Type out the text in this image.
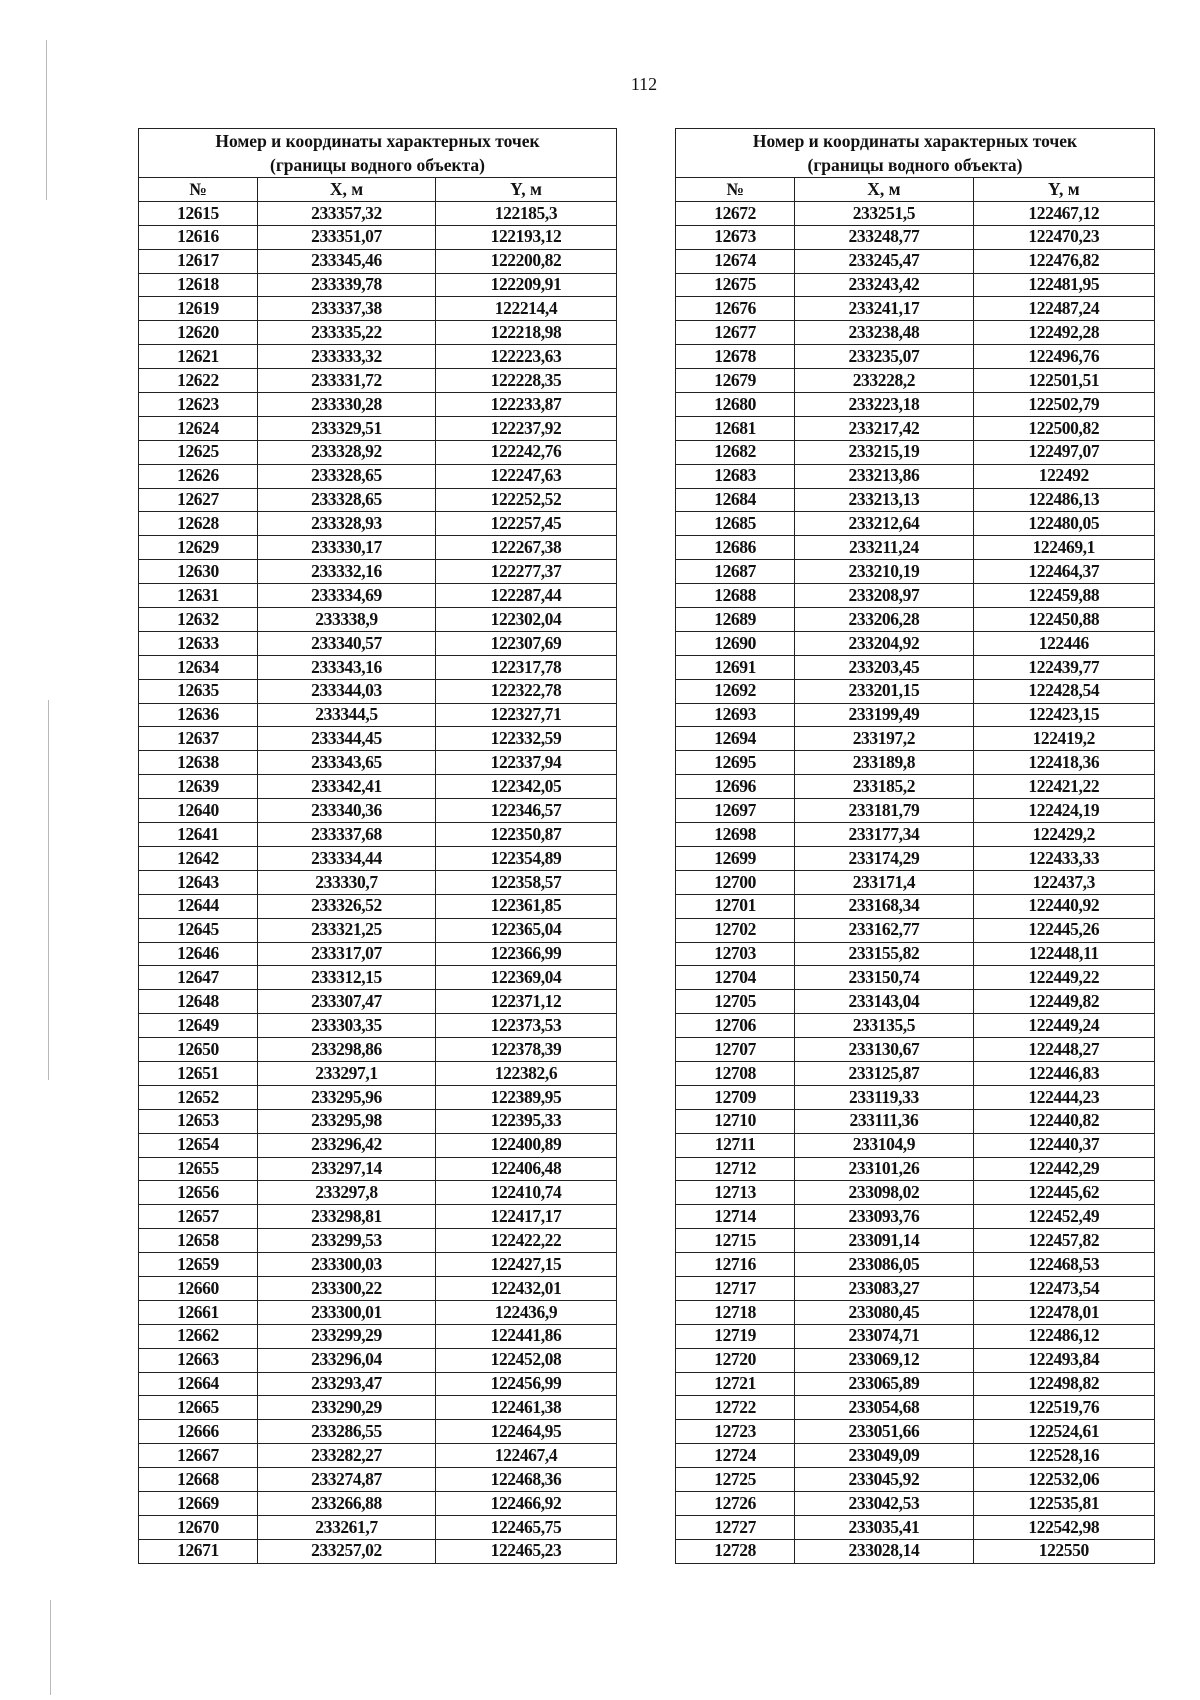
112
Номер и координаты характерных точек
(границы водного объекта)		
№	X, м	Y, м
12615	233357,32	122185,3
12616	233351,07	122193,12
12617	233345,46	122200,82
12618	233339,78	122209,91
12619	233337,38	122214,4
12620	233335,22	122218,98
12621	233333,32	122223,63
12622	233331,72	122228,35
12623	233330,28	122233,87
12624	233329,51	122237,92
12625	233328,92	122242,76
12626	233328,65	122247,63
12627	233328,65	122252,52
12628	233328,93	122257,45
12629	233330,17	122267,38
12630	233332,16	122277,37
12631	233334,69	122287,44
12632	233338,9	122302,04
12633	233340,57	122307,69
12634	233343,16	122317,78
12635	233344,03	122322,78
12636	233344,5	122327,71
12637	233344,45	122332,59
12638	233343,65	122337,94
12639	233342,41	122342,05
12640	233340,36	122346,57
12641	233337,68	122350,87
12642	233334,44	122354,89
12643	233330,7	122358,57
12644	233326,52	122361,85
12645	233321,25	122365,04
12646	233317,07	122366,99
12647	233312,15	122369,04
12648	233307,47	122371,12
12649	233303,35	122373,53
12650	233298,86	122378,39
12651	233297,1	122382,6
12652	233295,96	122389,95
12653	233295,98	122395,33
12654	233296,42	122400,89
12655	233297,14	122406,48
12656	233297,8	122410,74
12657	233298,81	122417,17
12658	233299,53	122422,22
12659	233300,03	122427,15
12660	233300,22	122432,01
12661	233300,01	122436,9
12662	233299,29	122441,86
12663	233296,04	122452,08
12664	233293,47	122456,99
12665	233290,29	122461,38
12666	233286,55	122464,95
12667	233282,27	122467,4
12668	233274,87	122468,36
12669	233266,88	122466,92
12670	233261,7	122465,75
12671	233257,02	122465,23
Номер и координаты характерных точек
(границы водного объекта)		
№	X, м	Y, м
12672	233251,5	122467,12
12673	233248,77	122470,23
12674	233245,47	122476,82
12675	233243,42	122481,95
12676	233241,17	122487,24
12677	233238,48	122492,28
12678	233235,07	122496,76
12679	233228,2	122501,51
12680	233223,18	122502,79
12681	233217,42	122500,82
12682	233215,19	122497,07
12683	233213,86	122492
12684	233213,13	122486,13
12685	233212,64	122480,05
12686	233211,24	122469,1
12687	233210,19	122464,37
12688	233208,97	122459,88
12689	233206,28	122450,88
12690	233204,92	122446
12691	233203,45	122439,77
12692	233201,15	122428,54
12693	233199,49	122423,15
12694	233197,2	122419,2
12695	233189,8	122418,36
12696	233185,2	122421,22
12697	233181,79	122424,19
12698	233177,34	122429,2
12699	233174,29	122433,33
12700	233171,4	122437,3
12701	233168,34	122440,92
12702	233162,77	122445,26
12703	233155,82	122448,11
12704	233150,74	122449,22
12705	233143,04	122449,82
12706	233135,5	122449,24
12707	233130,67	122448,27
12708	233125,87	122446,83
12709	233119,33	122444,23
12710	233111,36	122440,82
12711	233104,9	122440,37
12712	233101,26	122442,29
12713	233098,02	122445,62
12714	233093,76	122452,49
12715	233091,14	122457,82
12716	233086,05	122468,53
12717	233083,27	122473,54
12718	233080,45	122478,01
12719	233074,71	122486,12
12720	233069,12	122493,84
12721	233065,89	122498,82
12722	233054,68	122519,76
12723	233051,66	122524,61
12724	233049,09	122528,16
12725	233045,92	122532,06
12726	233042,53	122535,81
12727	233035,41	122542,98
12728	233028,14	122550
